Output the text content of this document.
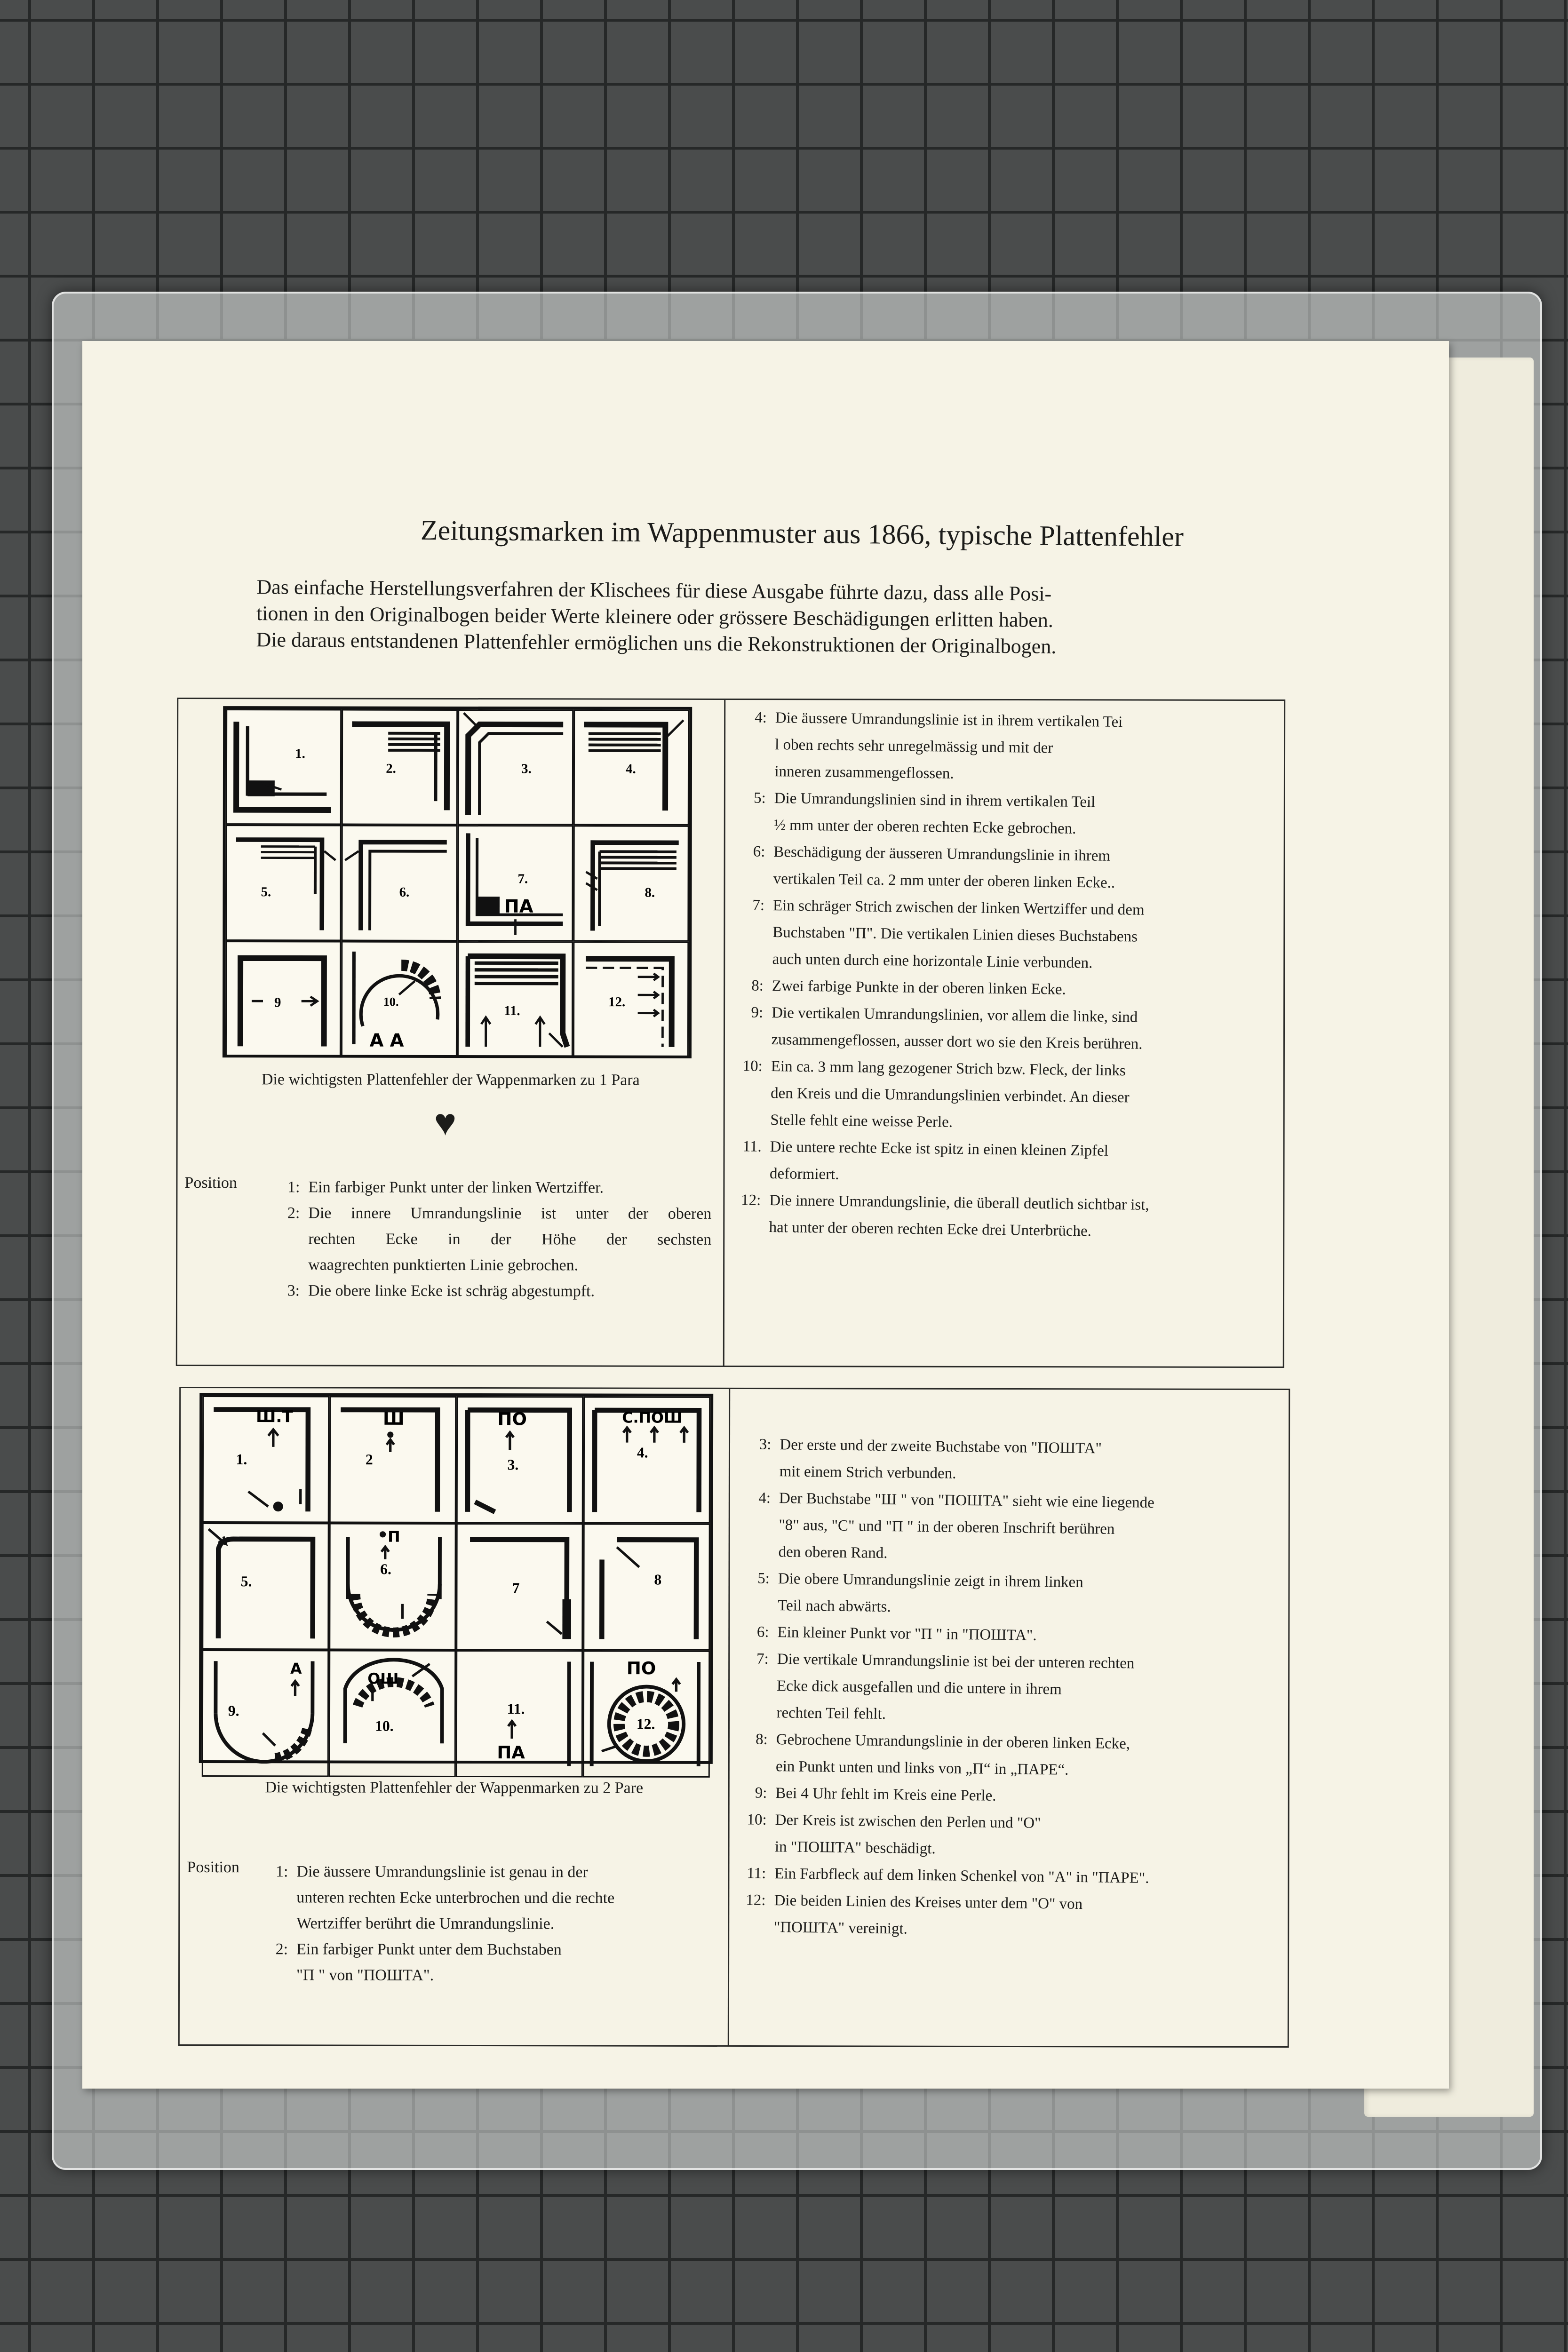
Zeitungsmarken im Wappenmuster aus 1866, typische Plattenfehler
Das einfache Herstellungsverfahren der Klischees für diese Ausgabe führte dazu, dass alle Posi-
tionen in den Originalbogen beider Werte kleinere oder grössere Beschädigungen erlitten haben.
Die daraus entstandenen Plattenfehler ermöglichen uns die Rekonstruktionen der Originalbogen.
1.
2.	3.	4.
5.	6.
7.
ПA
8.
9	10.
A A
11.
12.
Die wichtigsten Plattenfehler der Wappenmarken zu 1 Para
♥
Position	1: Ein farbiger Punkt unter der linken Wertziffer.
2: Die innere Umrandungslinie ist unter der oberen
rechten Ecke in der Höhe der sechsten
waagrechten punktierten Linie gebrochen.
3: Die obere linke Ecke ist schräg abgestumpft.
4: Die äussere Umrandungslinie ist in ihrem vertikalen Tei
l oben rechts sehr unregelmässig und mit der
inneren zusammengeflossen.
5: Die Umrandungslinien sind in ihrem vertikalen Teil
½ mm unter der oberen rechten Ecke gebrochen.
6: Beschädigung der äusseren Umrandungslinie in ihrem
vertikalen Teil ca. 2 mm unter der oberen linken Ecke..
7: Ein schräger Strich zwischen der linken Wertziffer und dem
Buchstaben "П". Die vertikalen Linien dieses Buchstabens
auch unten durch eine horizontale Linie verbunden.
8: Zwei farbige Punkte in der oberen linken Ecke.
9: Die vertikalen Umrandungslinien, vor allem die linke, sind
zusammengeflossen, ausser dort wo sie den Kreis berühren.
10: Ein ca. 3 mm lang gezogener Strich bzw. Fleck, der links
den Kreis und die Umrandungslinien verbindet. An dieser
Stelle fehlt eine weisse Perle.
11. Die untere rechte Ecke ist spitz in einen kleinen Zipfel
deformiert.
12: Die innere Umrandungslinie, die überall deutlich sichtbar ist,
hat unter der oberen rechten Ecke drei Unterbrüche.
Ш.Т
1.
Ш
2
ПО
3.
С.ПОШ
4.
5.
П
6.
7
8
A
9.
ОШ
10.
11.
ПA
ПО
12.
Die wichtigsten Plattenfehler der Wappenmarken zu 2 Pare
Position	1: Die äussere Umrandungslinie ist genau in der
unteren rechten Ecke unterbrochen und die rechte
Wertziffer berührt die Umrandungslinie.
2: Ein farbiger Punkt unter dem Buchstaben
"П " von "ПОШТА".
3: Der erste und der zweite Buchstabe von "ПОШТА"
mit einem Strich verbunden.
4: Der Buchstabe "Ш " von "ПОШТА" sieht wie eine liegende
"8" aus, "C" und "П " in der oberen Inschrift berühren
den oberen Rand.
5: Die obere Umrandungslinie zeigt in ihrem linken
Teil nach abwärts.
6: Ein kleiner Punkt vor "П " in "ПОШТА".
7: Die vertikale Umrandungslinie ist bei der unteren rechten
Ecke dick ausgefallen und die untere in ihrem
rechten Teil fehlt.
8: Gebrochene Umrandungslinie in der oberen linken Ecke,
ein Punkt unten und links von „П“ in „ПАРЕ“.
9: Bei 4 Uhr fehlt im Kreis eine Perle.
10: Der Kreis ist zwischen den Perlen und "O"
in "ПОШТА" beschädigt.
11: Ein Farbfleck auf dem linken Schenkel von "A" in "ПАРЕ".
12: Die beiden Linien des Kreises unter dem "O" von
"ПОШТА" vereinigt.
